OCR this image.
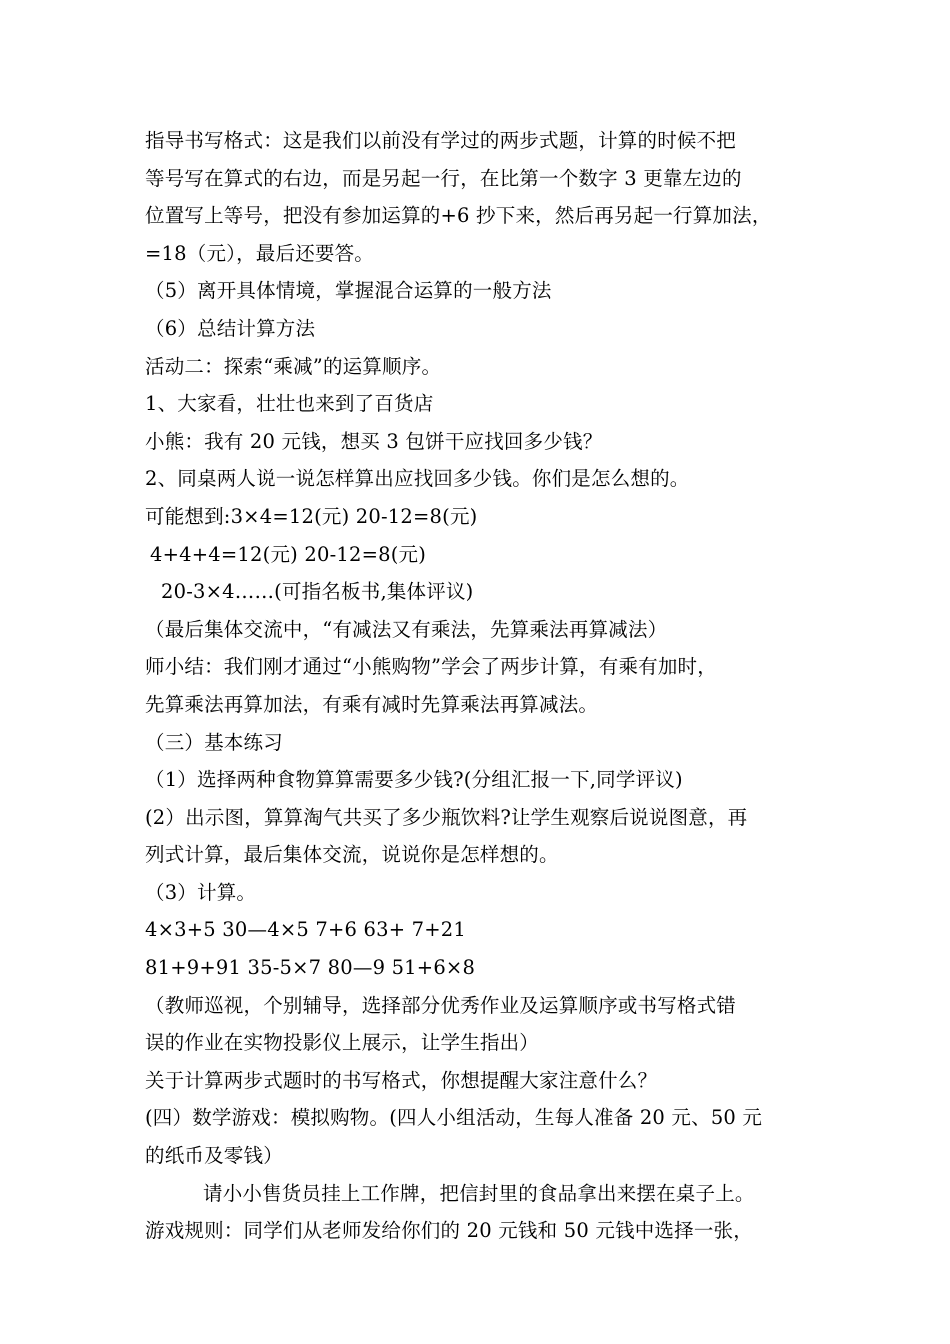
指导书写格式：这是我们以前没有学过的两步式题，计算的时候不把
等号写在算式的右边，而是另起一行，在比第一个数字 3 更靠左边的
位置写上等号，把没有参加运算的+6 抄下来，然后再另起一行算加法，
=18（元），最后还要答。
（5）离开具体情境，掌握混合运算的一般方法
（6）总结计算方法
活动二：探索“乘减”的运算顺序。
1、大家看，壮壮也来到了百货店
小熊：我有 20 元钱，想买 3 包饼干应找回多少钱？
2、同桌两人说一说怎样算出应找回多少钱。你们是怎么想的。
可能想到:3×4=12(元) 20-12=8(元)
4+4+4=12(元) 20-12=8(元)
20-3×4……(可指名板书,集体评议)
（最后集体交流中，“有减法又有乘法，先算乘法再算减法）
师小结：我们刚才通过“小熊购物”学会了两步计算，有乘有加时，
先算乘法再算加法，有乘有减时先算乘法再算减法。
（三）基本练习
（1）选择两种食物算算需要多少钱?(分组汇报一下,同学评议)
(2）出示图，算算淘气共买了多少瓶饮料?让学生观察后说说图意，再
列式计算，最后集体交流，说说你是怎样想的。
（3）计算。
4×3+5 30—4×5 7+6 63+ 7+21
81+9+91 35-5×7 80—9 51+6×8
（教师巡视，个别辅导，选择部分优秀作业及运算顺序或书写格式错
误的作业在实物投影仪上展示，让学生指出）
关于计算两步式题时的书写格式，你想提醒大家注意什么？
(四）数学游戏：模拟购物。(四人小组活动，生每人准备 20 元、50 元
的纸币及零钱）
请小小售货员挂上工作牌，把信封里的食品拿出来摆在桌子上。
游戏规则：同学们从老师发给你们的 20 元钱和 50 元钱中选择一张，
